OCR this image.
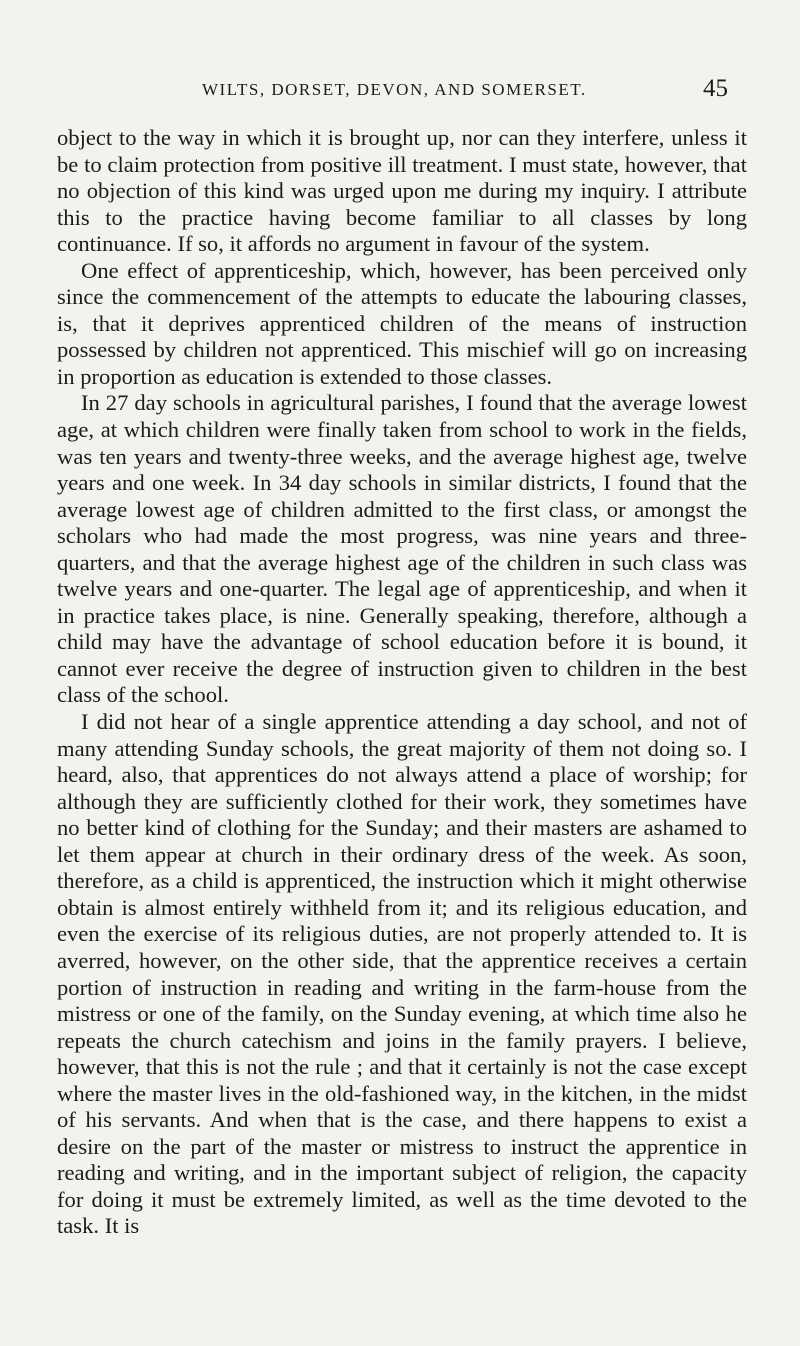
WILTS, DORSET, DEVON, AND SOMERSET.	45

object to the way in which it is brought up, nor can they interfere, unless it be to claim protection from positive ill treatment. I must state, however, that no objection of this kind was urged upon me during my inquiry. I attribute this to the practice having become familiar to all classes by long continuance. If so, it affords no argument in favour of the system.

One effect of apprenticeship, which, however, has been perceived only since the commencement of the attempts to educate the labouring classes, is, that it deprives apprenticed children of the means of instruction possessed by children not apprenticed. This mischief will go on increasing in proportion as education is extended to those classes.

In 27 day schools in agricultural parishes, I found that the average lowest age, at which children were finally taken from school to work in the fields, was ten years and twenty-three weeks, and the average highest age, twelve years and one week. In 34 day schools in similar districts, I found that the average lowest age of children admitted to the first class, or amongst the scholars who had made the most progress, was nine years and three-quarters, and that the average highest age of the children in such class was twelve years and one-quarter. The legal age of apprenticeship, and when it in practice takes place, is nine. Generally speaking, therefore, although a child may have the advantage of school education before it is bound, it cannot ever receive the degree of instruction given to children in the best class of the school.

I did not hear of a single apprentice attending a day school, and not of many attending Sunday schools, the great majority of them not doing so. I heard, also, that apprentices do not always attend a place of worship; for although they are sufficiently clothed for their work, they sometimes have no better kind of clothing for the Sunday; and their masters are ashamed to let them appear at church in their ordinary dress of the week. As soon, therefore, as a child is apprenticed, the instruction which it might otherwise obtain is almost entirely withheld from it; and its religious education, and even the exercise of its religious duties, are not properly attended to. It is averred, however, on the other side, that the apprentice receives a certain portion of instruction in reading and writing in the farm-house from the mistress or one of the family, on the Sunday evening, at which time also he repeats the church catechism and joins in the family prayers. I believe, however, that this is not the rule ; and that it certainly is not the case except where the master lives in the old-fashioned way, in the kitchen, in the midst of his servants. And when that is the case, and there happens to exist a desire on the part of the master or mistress to instruct the apprentice in reading and writing, and in the important subject of religion, the capacity for doing it must be extremely limited, as well as the time devoted to the task. It is
